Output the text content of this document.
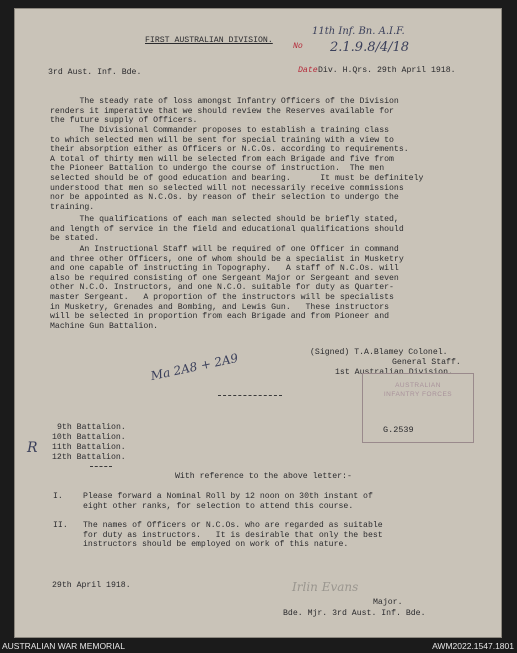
FIRST AUSTRALIAN DIVISION.
11th Inf. Bn. A.I.F.
No 2.1.9.8/4/18
3rd Aust. Inf. Bde.	Date Div. H.Qrs. 29th April 1918.
The steady rate of loss amongst Infantry Officers of the Division
renders it imperative that we should review the Reserves available for
the future supply of Officers.
The Divisional Commander proposes to establish a training class
to which selected men will be sent for special training with a view to
their absorption either as Officers or N.C.Os. according to requirements.
A total of thirty men will be selected from each Brigade and five from
the Pioneer Battalion to undergo the course of instruction.  The men
selected should be of good education and bearing.      It must be definitely
understood that men so selected will not necessarily receive commissions
nor be appointed as N.C.Os. by reason of their selection to undergo the
training.
The qualifications of each man selected should be briefly stated,
and length of service in the field and educational qualifications should
be stated.
An Instructional Staff will be required of one Officer in command
and three other Officers, one of whom should be a specialist in Musketry
and one capable of instructing in Topography.   A staff of N.C.Os. will
also be required consisting of one Sergeant Major or Sergeant and seven
other N.C.O. Instructors, and one N.C.O. suitable for duty as Quarter-
master Sergeant.   A proportion of the instructors will be specialists
in Musketry, Grenades and Bombing, and Lewis Gun.   These instructors
will be selected in proportion from each Brigade and from Pioneer and
Machine Gun Battalion.
(Signed) T.A.Blamey Colonel.
General Staff.
1st Australian Division.
Ma 2A8 + 2A9
AUSTRALIAN
INFANTRY FORCES
G.2539
9th Battalion.
10th Battalion.
11th Battalion.
12th Battalion.
R
With reference to the above letter:-
I. Please forward a Nominal Roll by 12 noon on 30th instant of
eight other ranks, for selection to attend this course.
II. The names of Officers or N.C.Os. who are regarded as suitable
for duty as instructors.   It is desirable that only the best
instructors should be employed on work of this nature.
29th April 1918.	Irlin Evans
Major.
Bde. Mjr. 3rd Aust. Inf. Bde.
AUSTRALIAN WAR MEMORIAL	AWM2022.1547.1801
